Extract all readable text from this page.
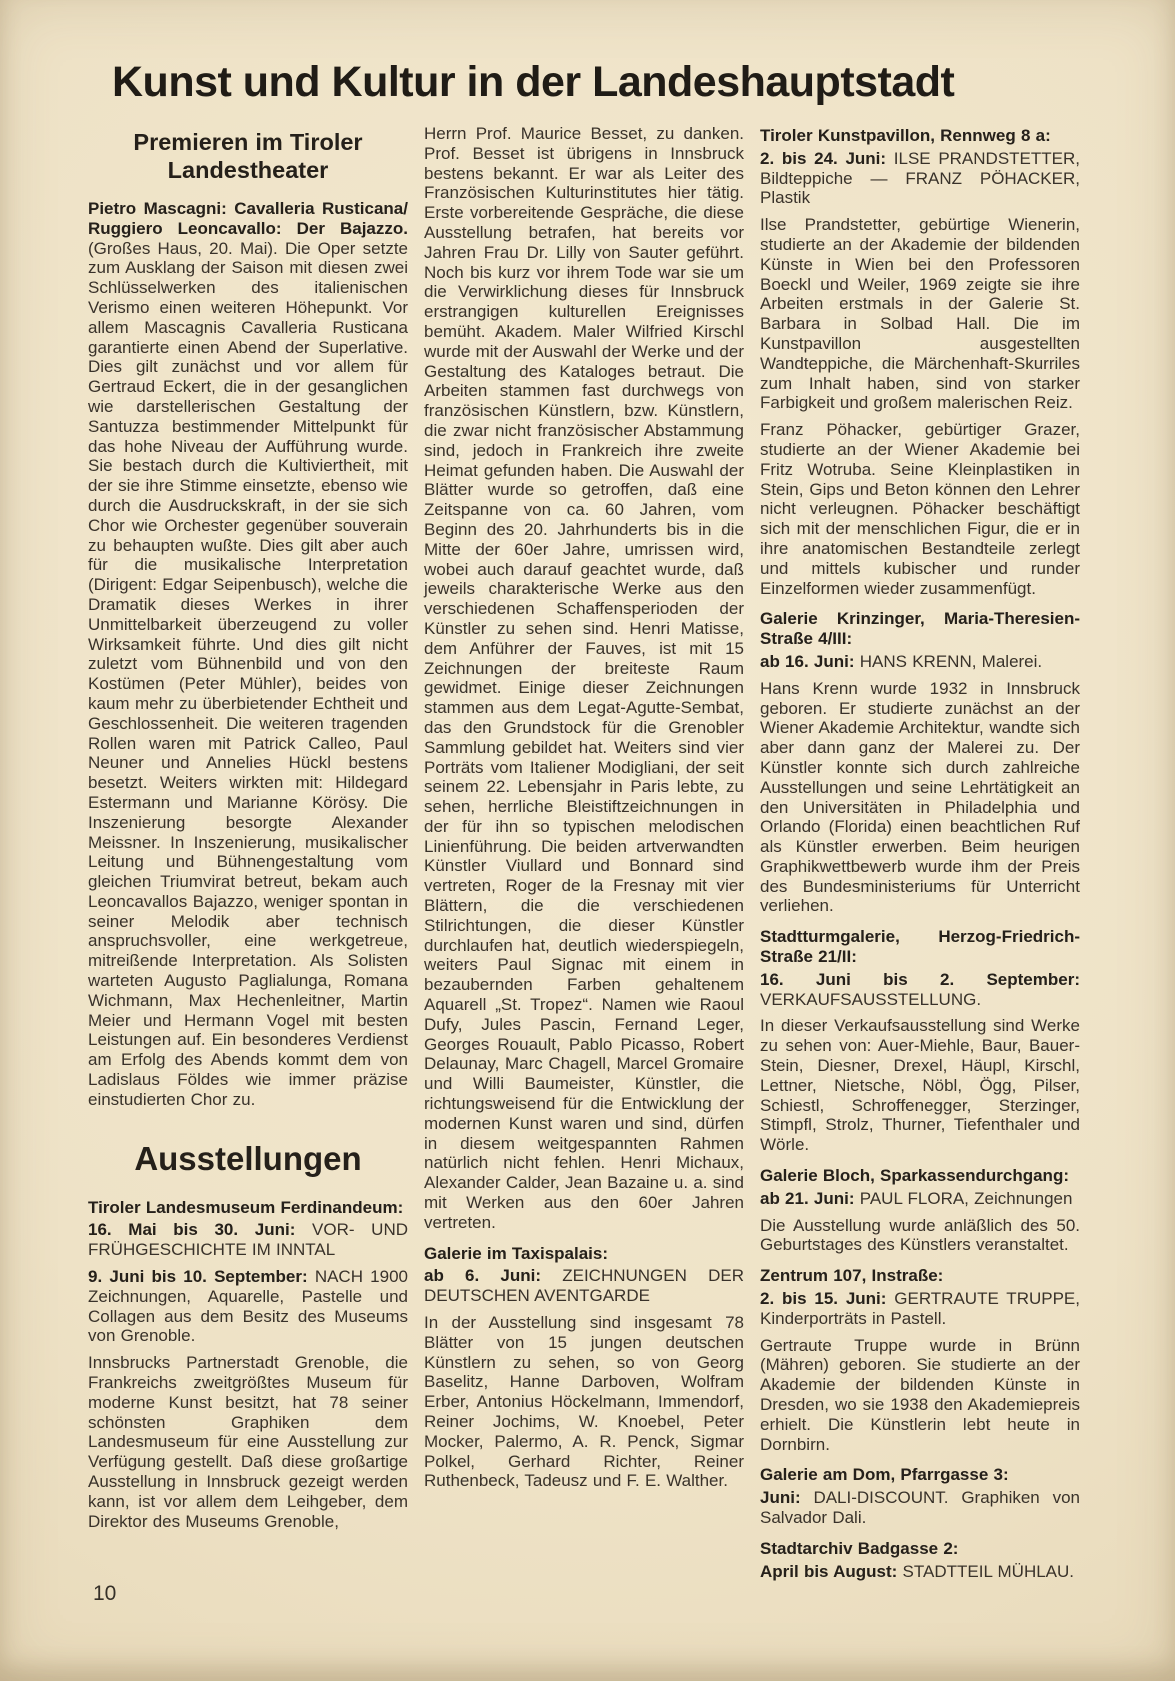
Kunst und Kultur in der Landeshauptstadt
Premieren im Tiroler Landestheater

Pietro Mascagni: Cavalleria Rusticana/ Ruggiero Leoncavallo: Der Bajazzo. (Großes Haus, 20. Mai). Die Oper setzte zum Ausklang der Saison mit diesen zwei Schlüsselwerken des italienischen Verismo einen weiteren Höhepunkt. Vor allem Mascagnis Cavalleria Rusticana garantierte einen Abend der Superlative. Dies gilt zunächst und vor allem für Gertraud Eckert, die in der gesanglichen wie darstellerischen Gestaltung der Santuzza bestimmender Mittelpunkt für das hohe Niveau der Aufführung wurde. Sie bestach durch die Kultiviertheit, mit der sie ihre Stimme einsetzte, ebenso wie durch die Ausdruckskraft, in der sie sich Chor wie Orchester gegenüber souverain zu behaupten wußte. Dies gilt aber auch für die musikalische Interpretation (Dirigent: Edgar Seipenbusch), welche die Dramatik dieses Werkes in ihrer Unmittelbarkeit überzeugend zu voller Wirksamkeit führte. Und dies gilt nicht zuletzt vom Bühnenbild und von den Kostümen (Peter Mühler), beides von kaum mehr zu überbietender Echtheit und Geschlossenheit. Die weiteren tragenden Rollen waren mit Patrick Calleo, Paul Neuner und Annelies Hückl bestens besetzt. Weiters wirkten mit: Hildegard Estermann und Marianne Körösy. Die Inszenierung besorgte Alexander Meissner. In Inszenierung, musikalischer Leitung und Bühnengestaltung vom gleichen Triumvirat betreut, bekam auch Leoncavallos Bajazzo, weniger spontan in seiner Melodik aber technisch anspruchsvoller, eine werkgetreue, mitreißende Interpretation. Als Solisten warteten Augusto Paglialunga, Romana Wichmann, Max Hechenleitner, Martin Meier und Hermann Vogel mit besten Leistungen auf. Ein besonderes Verdienst am Erfolg des Abends kommt dem von Ladislaus Földes wie immer präzise einstudierten Chor zu.

Ausstellungen

Tiroler Landesmuseum Ferdinandeum:

16. Mai bis 30. Juni: VOR- UND FRÜHGESCHICHTE IM INNTAL

9. Juni bis 10. September: NACH 1900 Zeichnungen, Aquarelle, Pastelle und Collagen aus dem Besitz des Museums von Grenoble.

Innsbrucks Partnerstadt Grenoble, die Frankreichs zweitgrößtes Museum für moderne Kunst besitzt, hat 78 seiner schönsten Graphiken dem Landesmuseum für eine Ausstellung zur Verfügung gestellt. Daß diese großartige Ausstellung in Innsbruck gezeigt werden kann, ist vor allem dem Leihgeber, dem Direktor des Museums Grenoble,

Herrn Prof. Maurice Besset, zu danken. Prof. Besset ist übrigens in Innsbruck bestens bekannt. Er war als Leiter des Französischen Kulturinstitutes hier tätig. Erste vorbereitende Gespräche, die diese Ausstellung betrafen, hat bereits vor Jahren Frau Dr. Lilly von Sauter geführt. Noch bis kurz vor ihrem Tode war sie um die Verwirklichung dieses für Innsbruck erstrangigen kulturellen Ereignisses bemüht. Akadem. Maler Wilfried Kirschl wurde mit der Auswahl der Werke und der Gestaltung des Kataloges betraut. Die Arbeiten stammen fast durchwegs von französischen Künstlern, bzw. Künstlern, die zwar nicht französischer Abstammung sind, jedoch in Frankreich ihre zweite Heimat gefunden haben. Die Auswahl der Blätter wurde so getroffen, daß eine Zeitspanne von ca. 60 Jahren, vom Beginn des 20. Jahrhunderts bis in die Mitte der 60er Jahre, umrissen wird, wobei auch darauf geachtet wurde, daß jeweils charakterische Werke aus den verschiedenen Schaffensperioden der Künstler zu sehen sind. Henri Matisse, dem Anführer der Fauves, ist mit 15 Zeichnungen der breiteste Raum gewidmet. Einige dieser Zeichnungen stammen aus dem Legat-Agutte-Sembat, das den Grundstock für die Grenobler Sammlung gebildet hat. Weiters sind vier Porträts vom Italiener Modigliani, der seit seinem 22. Lebensjahr in Paris lebte, zu sehen, herrliche Bleistiftzeichnungen in der für ihn so typischen melodischen Linienführung. Die beiden artverwandten Künstler Viullard und Bonnard sind vertreten, Roger de la Fresnay mit vier Blättern, die die verschiedenen Stilrichtungen, die dieser Künstler durchlaufen hat, deutlich wiederspiegeln, weiters Paul Signac mit einem in bezaubernden Farben gehaltenem Aquarell „St. Tropez“. Namen wie Raoul Dufy, Jules Pascin, Fernand Leger, Georges Rouault, Pablo Picasso, Robert Delaunay, Marc Chagell, Marcel Gromaire und Willi Baumeister, Künstler, die richtungsweisend für die Entwicklung der modernen Kunst waren und sind, dürfen in diesem weitgespannten Rahmen natürlich nicht fehlen. Henri Michaux, Alexander Calder, Jean Bazaine u. a. sind mit Werken aus den 60er Jahren vertreten.

Galerie im Taxispalais:

ab 6. Juni: ZEICHNUNGEN DER DEUTSCHEN AVENTGARDE

In der Ausstellung sind insgesamt 78 Blätter von 15 jungen deutschen Künstlern zu sehen, so von Georg Baselitz, Hanne Darboven, Wolfram Erber, Antonius Höckelmann, Immendorf, Reiner Jochims, W. Knoebel, Peter Mocker, Palermo, A. R. Penck, Sigmar Polkel, Gerhard Richter, Reiner Ruthenbeck, Tadeusz und F. E. Walther.

Tiroler Kunstpavillon, Rennweg 8 a:

2. bis 24. Juni: ILSE PRANDSTETTER, Bildteppiche — FRANZ PÖHACKER, Plastik

Ilse Prandstetter, gebürtige Wienerin, studierte an der Akademie der bildenden Künste in Wien bei den Professoren Boeckl und Weiler, 1969 zeigte sie ihre Arbeiten erstmals in der Galerie St. Barbara in Solbad Hall. Die im Kunstpavillon ausgestellten Wandteppiche, die Märchenhaft-Skurriles zum Inhalt haben, sind von starker Farbigkeit und großem malerischen Reiz.

Franz Pöhacker, gebürtiger Grazer, studierte an der Wiener Akademie bei Fritz Wotruba. Seine Kleinplastiken in Stein, Gips und Beton können den Lehrer nicht verleugnen. Pöhacker beschäftigt sich mit der menschlichen Figur, die er in ihre anatomischen Bestandteile zerlegt und mittels kubischer und runder Einzelformen wieder zusammenfügt.

Galerie Krinzinger, Maria-Theresien-Straße 4/III:

ab 16. Juni: HANS KRENN, Malerei.

Hans Krenn wurde 1932 in Innsbruck geboren. Er studierte zunächst an der Wiener Akademie Architektur, wandte sich aber dann ganz der Malerei zu. Der Künstler konnte sich durch zahlreiche Ausstellungen und seine Lehrtätigkeit an den Universitäten in Philadelphia und Orlando (Florida) einen beachtlichen Ruf als Künstler erwerben. Beim heurigen Graphikwettbewerb wurde ihm der Preis des Bundesministeriums für Unterricht verliehen.

Stadtturmgalerie, Herzog-Friedrich-Straße 21/II:

16. Juni bis 2. September: VERKAUFSAUSSTELLUNG.

In dieser Verkaufsausstellung sind Werke zu sehen von: Auer-Miehle, Baur, Bauer-Stein, Diesner, Drexel, Häupl, Kirschl, Lettner, Nietsche, Nöbl, Ögg, Pilser, Schiestl, Schroffenegger, Sterzinger, Stimpfl, Strolz, Thurner, Tiefenthaler und Wörle.

Galerie Bloch, Sparkassendurchgang:

ab 21. Juni: PAUL FLORA, Zeichnungen

Die Ausstellung wurde anläßlich des 50. Geburtstages des Künstlers veranstaltet.

Zentrum 107, Instraße:

2. bis 15. Juni: GERTRAUTE TRUPPE, Kinderporträts in Pastell.

Gertraute Truppe wurde in Brünn (Mähren) geboren. Sie studierte an der Akademie der bildenden Künste in Dresden, wo sie 1938 den Akademiepreis erhielt. Die Künstlerin lebt heute in Dornbirn.

Galerie am Dom, Pfarrgasse 3:

Juni: DALI-DISCOUNT. Graphiken von Salvador Dali.

Stadtarchiv Badgasse 2:

April bis August: STADTTEIL MÜHLAU.

10
